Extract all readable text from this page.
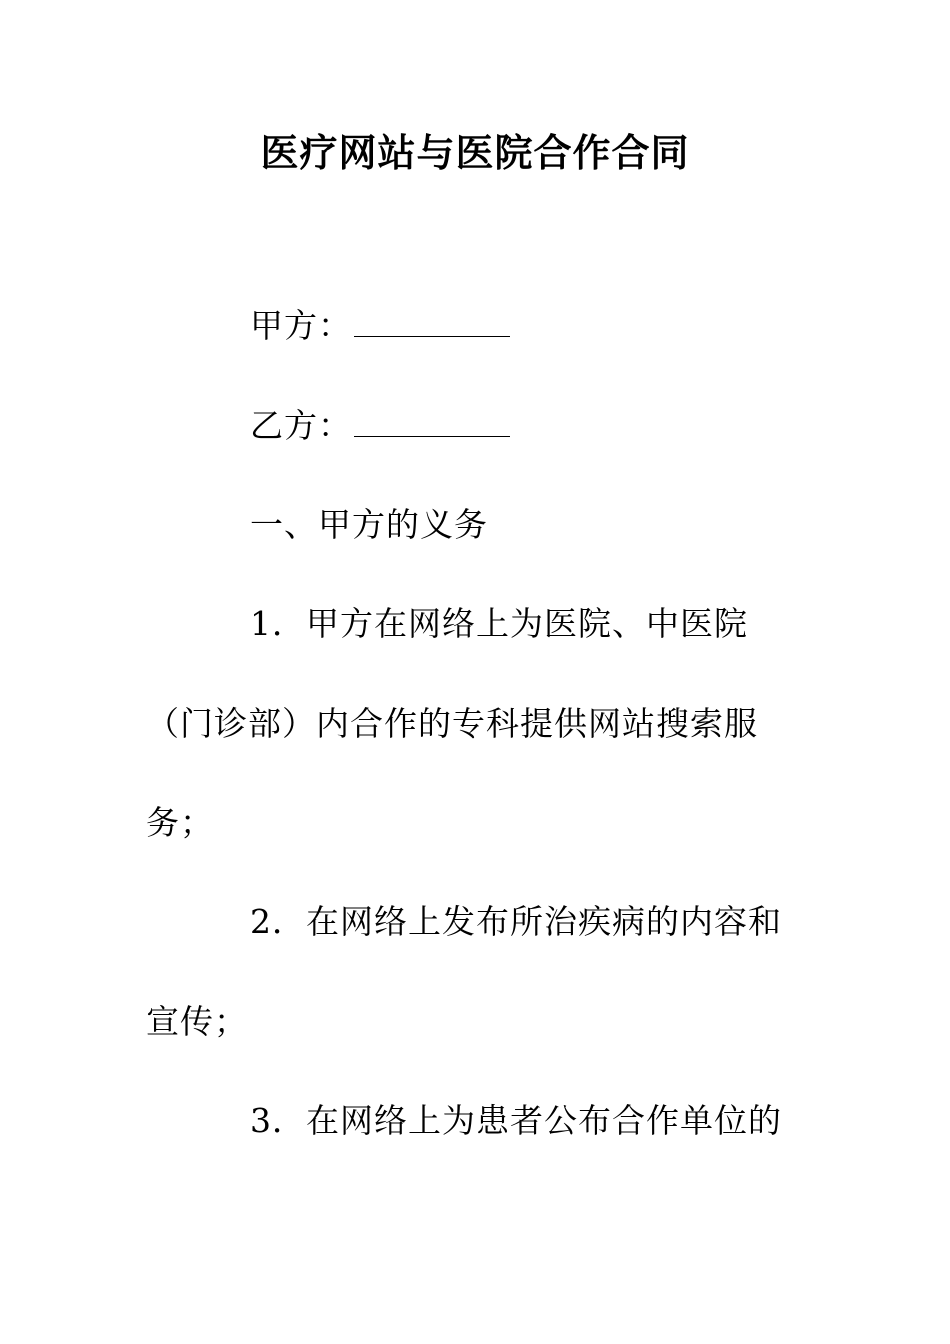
医疗网站与医院合作合同
甲方：
乙方：
一、甲方的义务
1．甲方在网络上为医院、中医院
（门诊部）内合作的专科提供网站搜索服
务；
2．在网络上发布所治疾病的内容和
宣传；
3．在网络上为患者公布合作单位的
